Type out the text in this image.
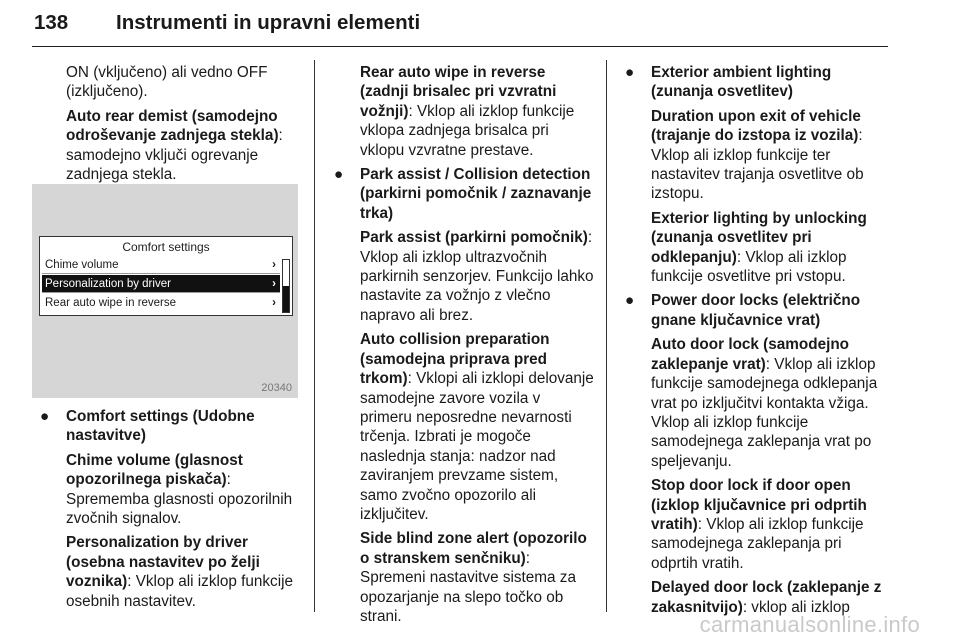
138 Instrumenti in upravni elementi

ON (vključeno) ali vedno OFF (izključeno).

Auto rear demist (samodejno odroševanje zadnjega stekla): samodejno vključi ogrevanje zadnjega stekla.

Comfort settings
Chime volume	›
Personalization by driver	›
Rear auto wipe in reverse	›
20340
● Comfort settings (Udobne nastavitve)

Chime volume (glasnost opozorilnega piskača): Sprememba glasnosti opozorilnih zvočnih signalov.

Personalization by driver (osebna nastavitev po želji voznika): Vklop ali izklop funkcije osebnih nastavitev.

Rear auto wipe in reverse (zadnji brisalec pri vzvratni vožnji): Vklop ali izklop funkcije vklopa zadnjega brisalca pri vklopu vzvratne prestave.

● Park assist / Collision detection (parkirni pomočnik / zaznavanje trka)

Park assist (parkirni pomočnik): Vklop ali izklop ultrazvočnih parkirnih senzorjev. Funkcijo lahko nastavite za vožnjo z vlečno napravo ali brez.

Auto collision preparation (samodejna priprava pred trkom): Vklopi ali izklopi delovanje samodejne zavore vozila v primeru neposredne nevarnosti trčenja. Izbrati je mogoče naslednja stanja: nadzor nad zaviranjem prevzame sistem, samo zvočno opozorilo ali izključitev.

Side blind zone alert (opozorilo o stranskem senčniku): Spremeni nastavitve sistema za opozarjanje na slepo točko ob strani.

● Exterior ambient lighting (zunanja osvetlitev)

Duration upon exit of vehicle (trajanje do izstopa iz vozila): Vklop ali izklop funkcije ter nastavitev trajanja osvetlitve ob izstopu.

Exterior lighting by unlocking (zunanja osvetlitev pri odklepanju): Vklop ali izklop funkcije osvetlitve pri vstopu.

● Power door locks (električno gnane ključavnice vrat)

Auto door lock (samodejno zaklepanje vrat): Vklop ali izklop funkcije samodejnega odklepanja vrat po izključitvi kontakta vžiga. Vklop ali izklop funkcije samodejnega zaklepanja vrat po speljevanju.

Stop door lock if door open (izklop ključavnice pri odprtih vratih): Vklop ali izklop funkcije samodejnega zaklepanja pri odprtih vratih.

Delayed door lock (zaklepanje z zakasnitvijo): vklop ali izklop

carmanualsonline.info
